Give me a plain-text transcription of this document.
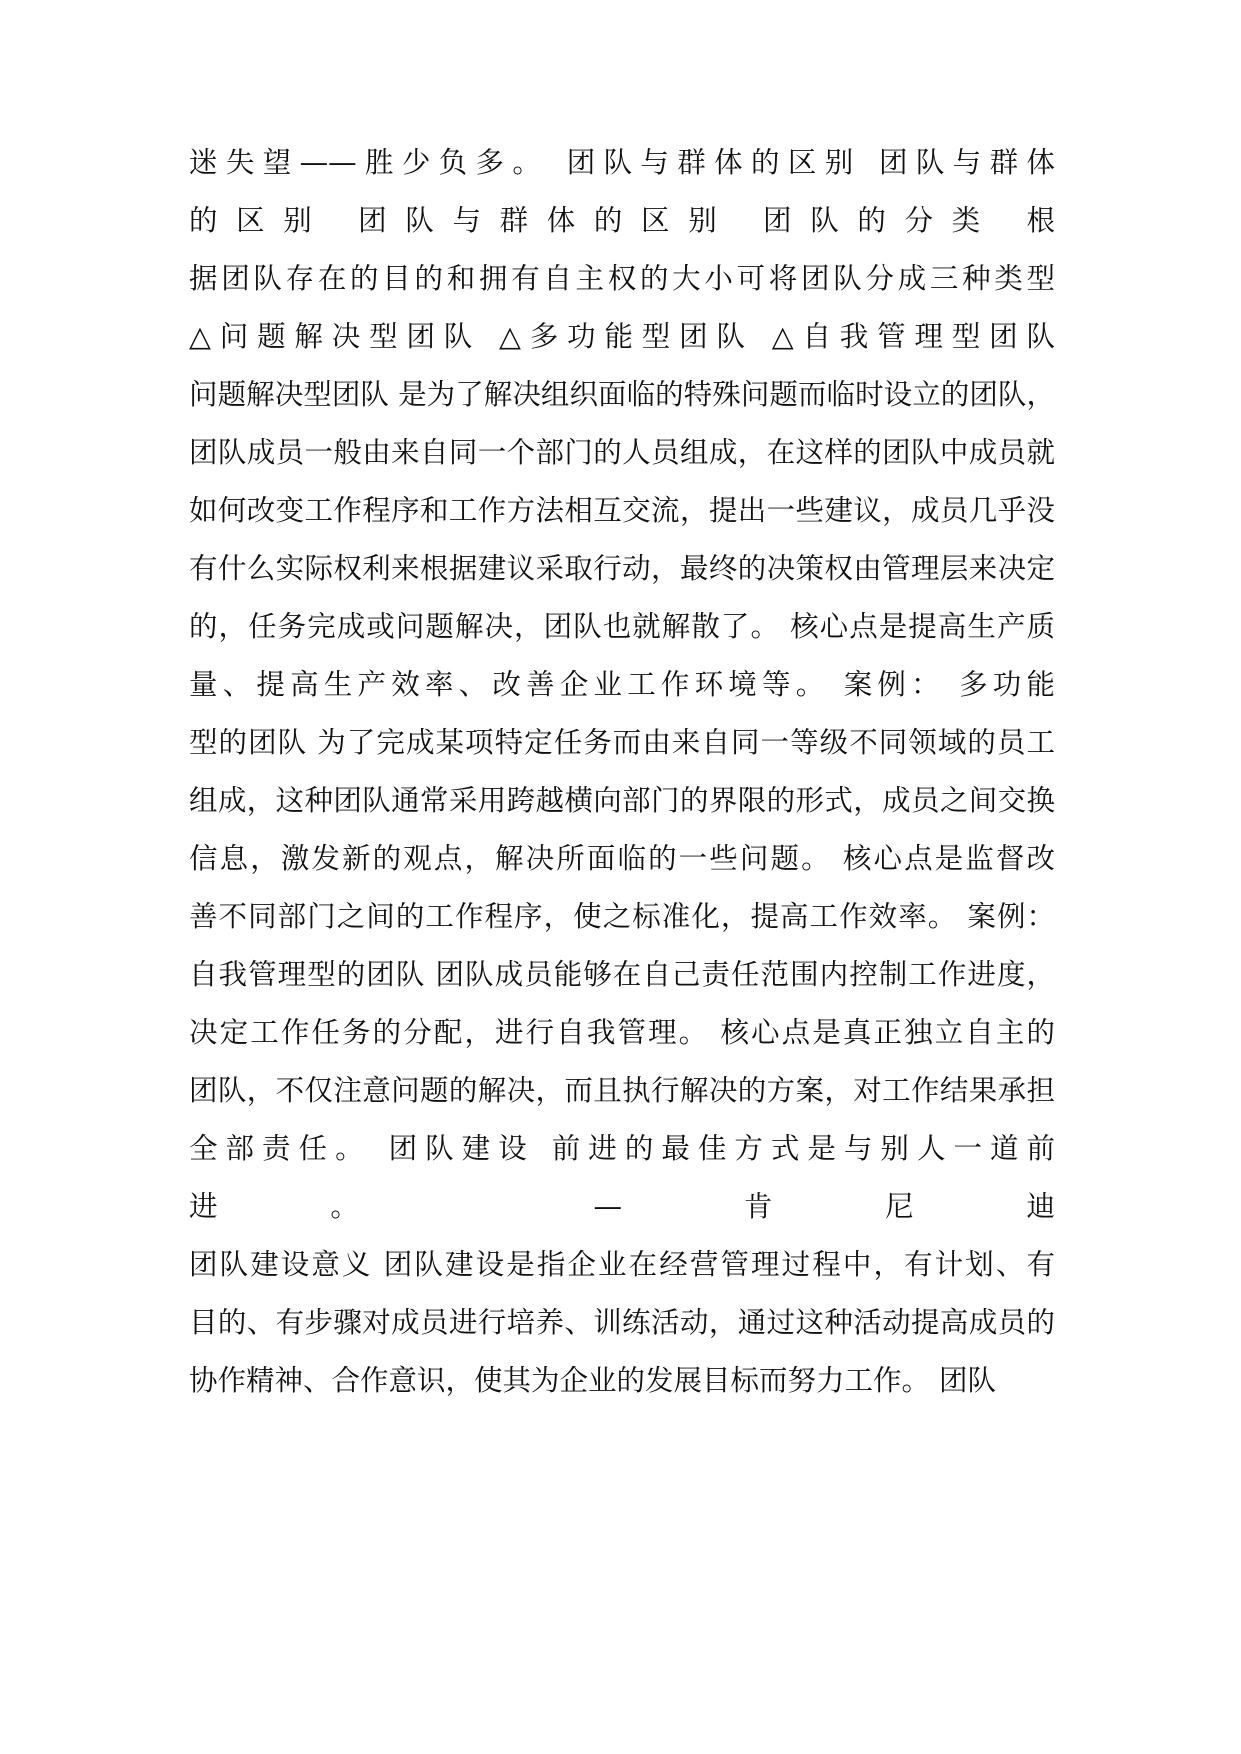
迷失望——胜少负多。 团队与群体的区别 团队与群体
的区别 团队与群体的区别 团队的分类 根
据团队存在的目的和拥有自主权的大小可将团队分成三种类型
△问题解决型团队 △多功能型团队 △自我管理型团队
问题解决型团队 是为了解决组织面临的特殊问题而临时设立的团队，
团队成员一般由来自同一个部门的人员组成，在这样的团队中成员就
如何改变工作程序和工作方法相互交流，提出一些建议，成员几乎没
有什么实际权利来根据建议采取行动，最终的决策权由管理层来决定
的，任务完成或问题解决，团队也就解散了。 核心点是提高生产质
量、提高生产效率、改善企业工作环境等。 案例： 多功能
型的团队 为了完成某项特定任务而由来自同一等级不同领域的员工
组成，这种团队通常采用跨越横向部门的界限的形式，成员之间交换
信息，激发新的观点，解决所面临的一些问题。 核心点是监督改
善不同部门之间的工作程序，使之标准化，提高工作效率。 案例：
自我管理型的团队 团队成员能够在自己责任范围内控制工作进度，
决定工作任务的分配，进行自我管理。 核心点是真正独立自主的
团队，不仅注意问题的解决，而且执行解决的方案，对工作结果承担
全部责任。 团队建设 前进的最佳方式是与别人一道前
进。 — 肯尼迪
团队建设意义 团队建设是指企业在经营管理过程中，有计划、有
目的、有步骤对成员进行培养、训练活动，通过这种活动提高成员的
协作精神、合作意识，使其为企业的发展目标而努力工作。 团队
